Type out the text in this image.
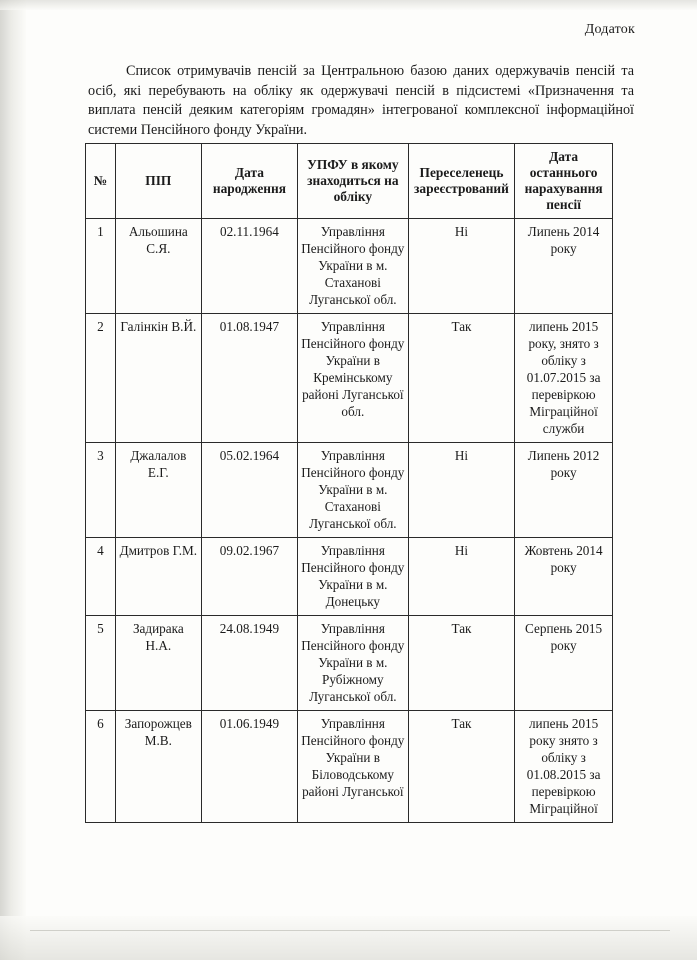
Додаток
Список отримувачів пенсій за Центральною базою даних одержувачів пенсій та осіб, які перебувають на обліку як одержувачі пенсій в підсистемі «Призначення та виплата пенсій деяким категоріям громадян» інтегрованої комплексної інформаційної системи Пенсійного фонду України.
№	ПІП	Дата народження	УПФУ в якому знаходиться на обліку	Переселенець зареєстрований	Дата останнього нарахування пенсії
1	Альошина С.Я.	02.11.1964	Управління Пенсійного фонду України в м. Стаханові Луганської обл.	Ні	Липень 2014 року
2	Галінкін В.Й.	01.08.1947	Управління Пенсійного фонду України в Кремінському районі Луганської обл.	Так	липень 2015 року, знято з обліку з 01.07.2015 за перевіркою Міграційної служби
3	Джалалов Е.Г.	05.02.1964	Управління Пенсійного фонду України в м. Стаханові Луганської обл.	Ні	Липень 2012 року
4	Дмитров Г.М.	09.02.1967	Управління Пенсійного фонду України в м. Донецьку	Ні	Жовтень 2014 року
5	Задирака Н.А.	24.08.1949	Управління Пенсійного фонду України в м. Рубіжному Луганської обл.	Так	Серпень 2015 року
6	Запорожцев М.В.	01.06.1949	Управління Пенсійного фонду України в Біловодському районі Луганської	Так	липень 2015 року знято з обліку з 01.08.2015 за перевіркою Міграційної
